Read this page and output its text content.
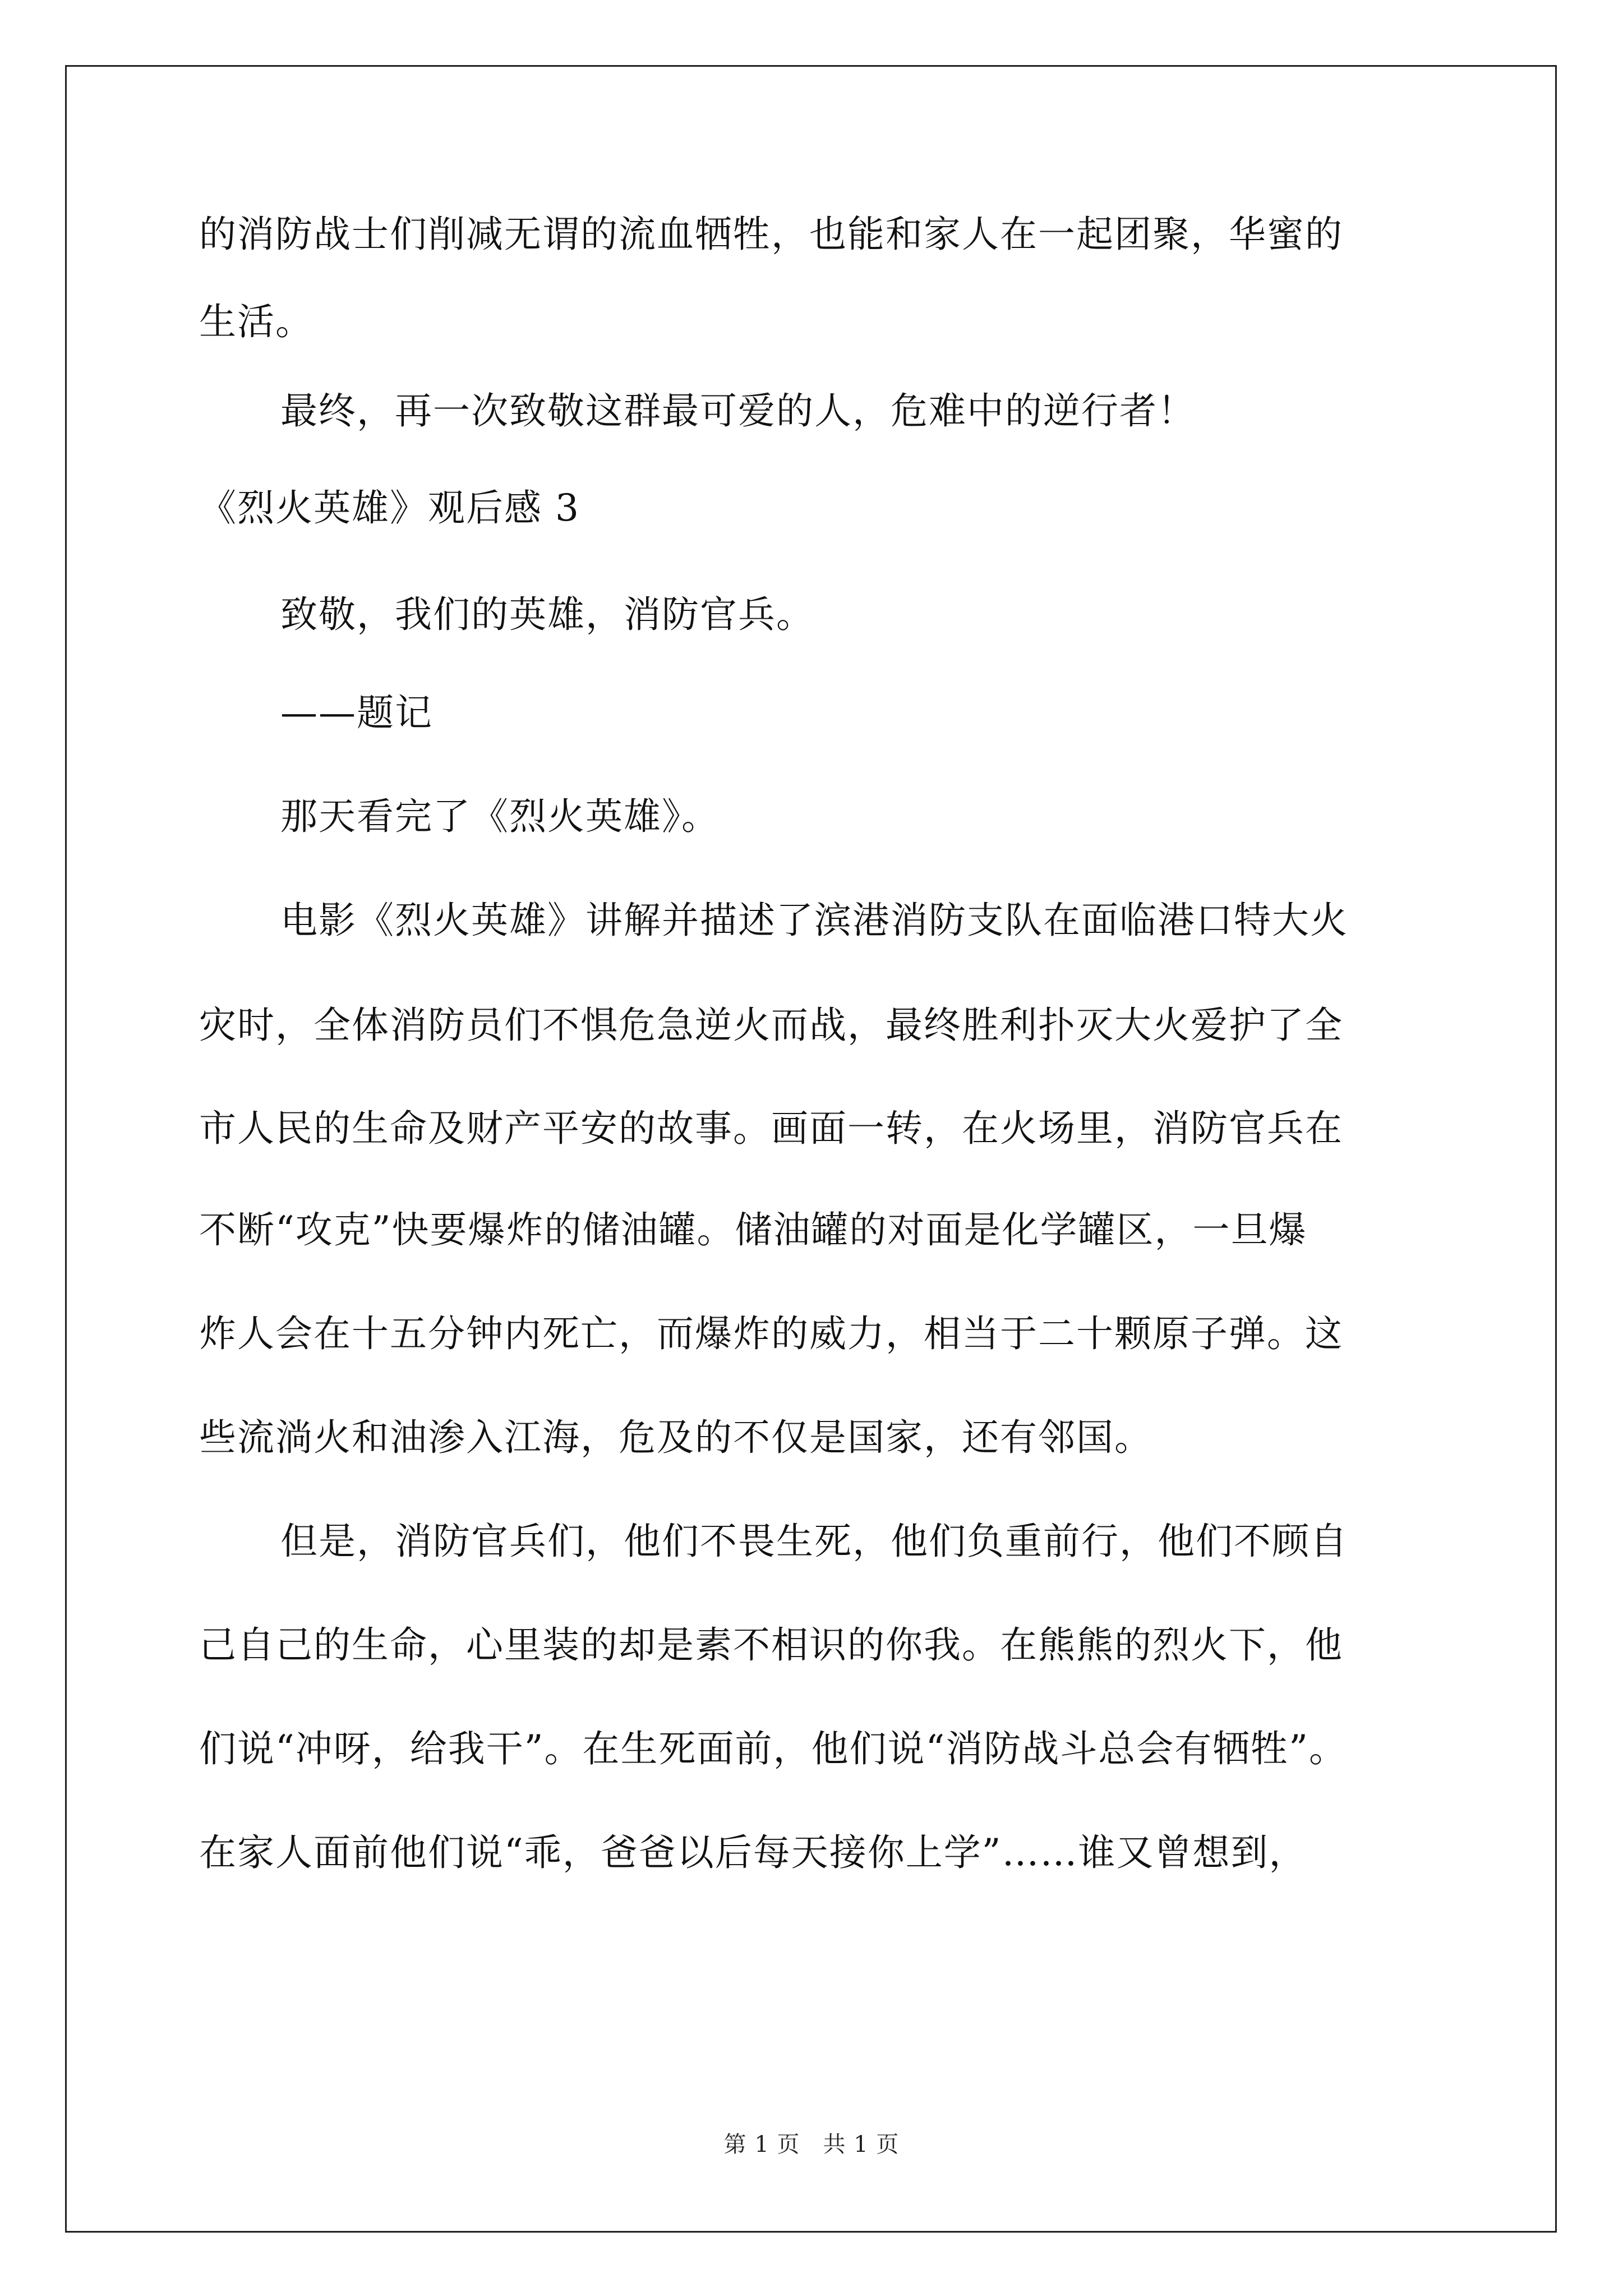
的消防战士们削减无谓的流血牺牲，也能和家人在一起团聚，华蜜的
生活。
最终，再一次致敬这群最可爱的人，危难中的逆行者！
《烈火英雄》观后感 3
致敬，我们的英雄，消防官兵。
——题记
那天看完了《烈火英雄》。
电影《烈火英雄》讲解并描述了滨港消防支队在面临港口特大火
灾时，全体消防员们不惧危急逆火而战，最终胜利扑灭大火爱护了全
市人民的生命及财产平安的故事。画面一转，在火场里，消防官兵在
不断“攻克”快要爆炸的储油罐。储油罐的对面是化学罐区，一旦爆
炸人会在十五分钟内死亡，而爆炸的威力，相当于二十颗原子弹。这
些流淌火和油渗入江海，危及的不仅是国家，还有邻国。
但是，消防官兵们，他们不畏生死，他们负重前行，他们不顾自
己自己的生命，心里装的却是素不相识的你我。在熊熊的烈火下，他
们说“冲呀，给我干”。在生死面前，他们说“消防战斗总会有牺牲”。
在家人面前他们说“乖，爸爸以后每天接你上学”……谁又曾想到，
第 1 页　共 1 页
